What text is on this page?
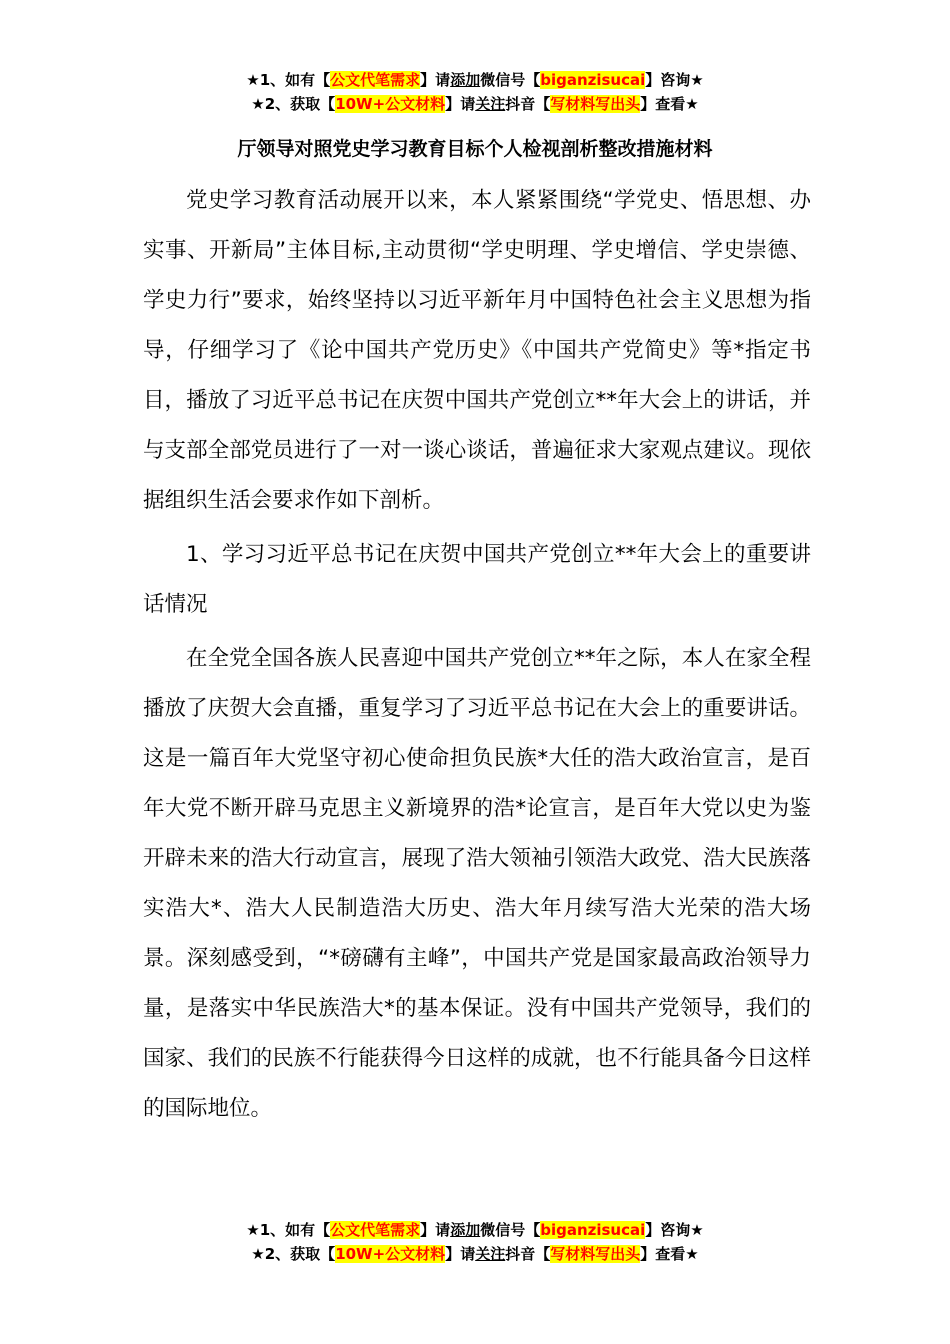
★1、如有【公文代笔需求】请添加微信号【biganzisucai】咨询★
★2、获取【10W+公文材料】请关注抖音【写材料写出头】查看★
厅领导对照党史学习教育目标个人检视剖析整改措施材料

党史学习教育活动展开以来，本人紧紧围绕“学党史、悟思想、办实事、开新局”主体目标,主动贯彻“学史明理、学史增信、学史崇德、学史力行”要求，始终坚持以习近平新年月中国特色社会主义思想为指导，仔细学习了《论中国共产党历史》《中国共产党简史》等*指定书目，播放了习近平总书记在庆贺中国共产党创立**年大会上的讲话，并与支部全部党员进行了一对一谈心谈话，普遍征求大家观点建议。现依据组织生活会要求作如下剖析。

1、学习习近平总书记在庆贺中国共产党创立**年大会上的重要讲话情况

在全党全国各族人民喜迎中国共产党创立**年之际，本人在家全程播放了庆贺大会直播，重复学习了习近平总书记在大会上的重要讲话。这是一篇百年大党坚守初心使命担负民族*大任的浩大政治宣言，是百年大党不断开辟马克思主义新境界的浩*论宣言，是百年大党以史为鉴开辟未来的浩大行动宣言，展现了浩大领袖引领浩大政党、浩大民族落实浩大*、浩大人民制造浩大历史、浩大年月续写浩大光荣的浩大场景。深刻感受到，“*磅礴有主峰”，中国共产党是国家最高政治领导力量，是落实中华民族浩大*的基本保证。没有中国共产党领导，我们的国家、我们的民族不行能获得今日这样的成就，也不行能具备今日这样的国际地位。

★1、如有【公文代笔需求】请添加微信号【biganzisucai】咨询★
★2、获取【10W+公文材料】请关注抖音【写材料写出头】查看★
